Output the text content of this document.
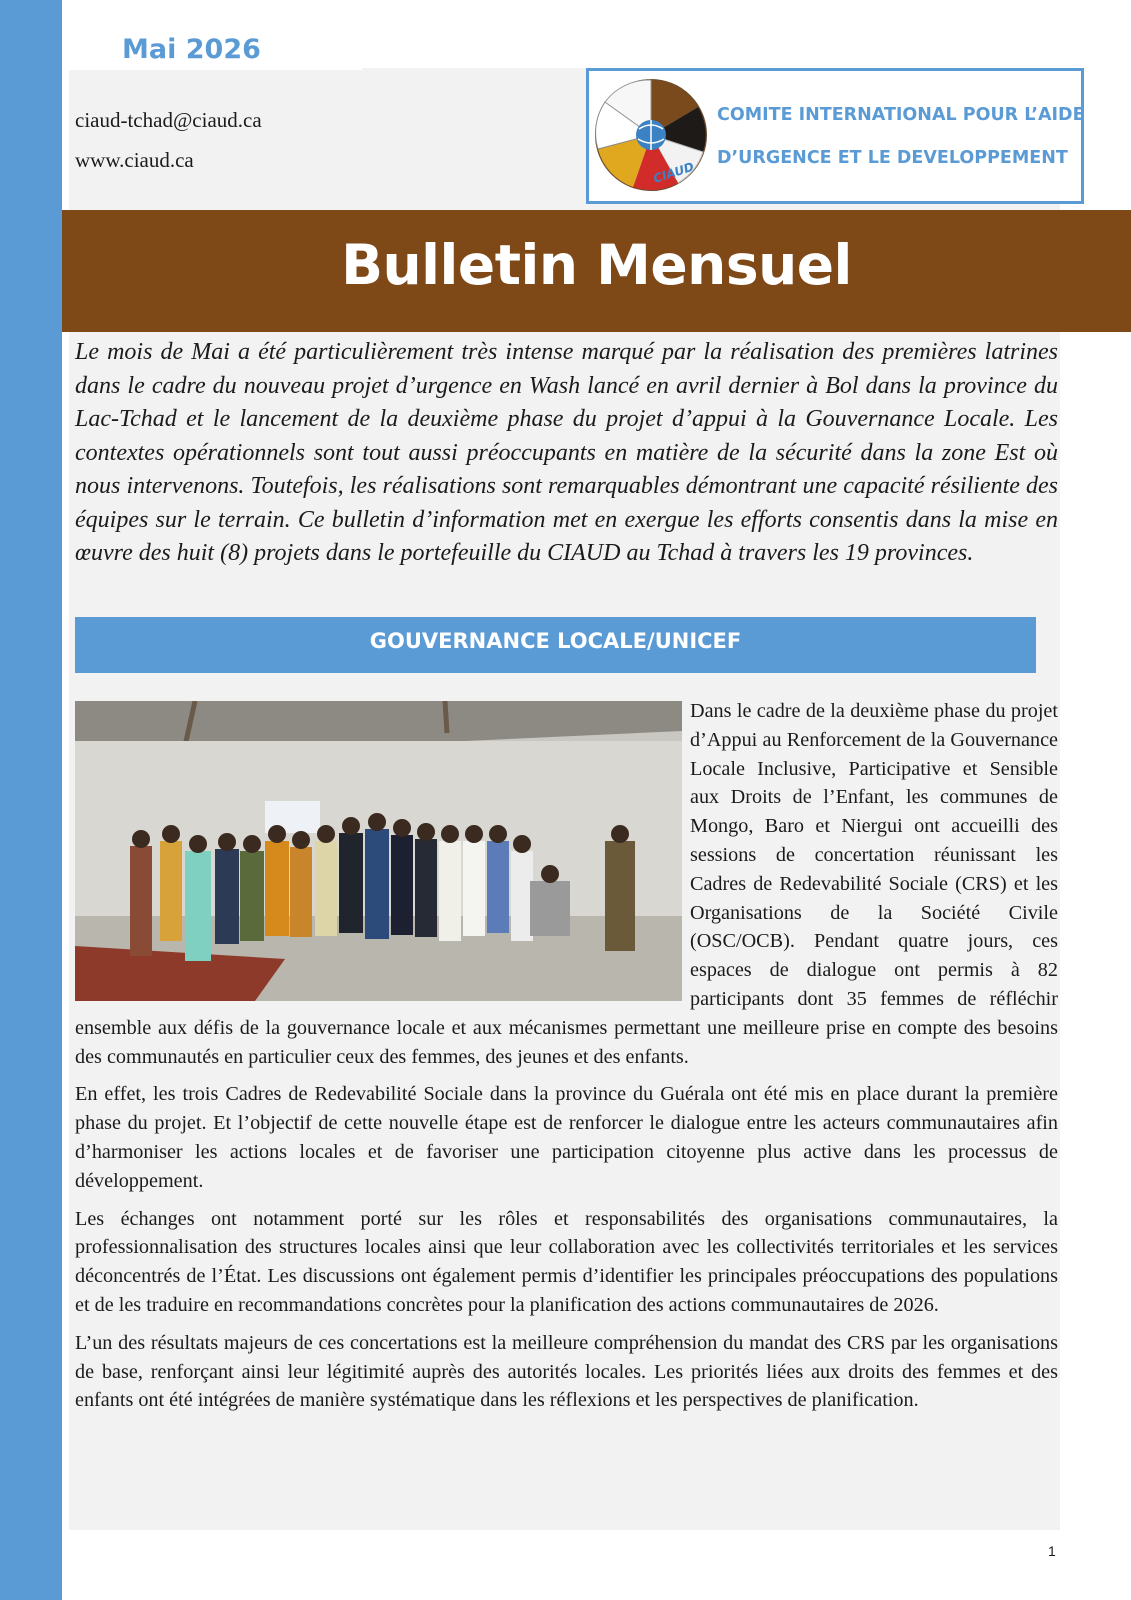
Mai 2026
ciaud-tchad@ciaud.ca
www.ciaud.ca	CIAUD
COMITE INTERNATIONAL POUR L’AIDE
D’URGENCE ET LE DEVELOPPEMENT
Bulletin Mensuel

Le mois de Mai a été particulièrement très intense marqué par la réalisation des premières latrines dans le cadre du nouveau projet d’urgence en Wash lancé en avril dernier à Bol dans la province du Lac-Tchad et le lancement de la deuxième phase du projet d’appui à la Gouvernance Locale. Les contextes opérationnels sont tout aussi préoccupants en matière de la sécurité dans la zone Est où nous intervenons. Toutefois, les réalisations sont remarquables démontrant une capacité résiliente des équipes sur le terrain. Ce bulletin d’information met en exergue les efforts consentis dans la mise en œuvre des huit (8) projets dans le portefeuille du CIAUD au Tchad à travers les 19 provinces.

GOUVERNANCE LOCALE/UNICEF

Dans le cadre de la deuxième phase du projet d’Appui au Renforcement de la Gouvernance Locale Inclusive, Participative et Sensible aux Droits de l’Enfant, les communes de Mongo, Baro et Niergui ont accueilli des sessions de concertation réunissant les Cadres de Redevabilité Sociale (CRS) et les Organisations de la Société Civile (OSC/OCB). Pendant quatre jours, ces espaces de dialogue ont permis à 82 participants dont 35 femmes de réfléchir ensemble aux défis de la gouvernance locale et aux mécanismes permettant une meilleure prise en compte des besoins des communautés en particulier ceux des femmes, des jeunes et des enfants.

En effet, les trois Cadres de Redevabilité Sociale dans la province du Guérala ont été mis en place durant la première phase du projet. Et l’objectif de cette nouvelle étape est de renforcer le dialogue entre les acteurs communautaires afin d’harmoniser les actions locales et de favoriser une participation citoyenne plus active dans les processus de développement.

Les échanges ont notamment porté sur les rôles et responsabilités des organisations communautaires, la professionnalisation des structures locales ainsi que leur collaboration avec les collectivités territoriales et les services déconcentrés de l’État. Les discussions ont également permis d’identifier les principales préoccupations des populations et de les traduire en recommandations concrètes pour la planification des actions communautaires de 2026.

L’un des résultats majeurs de ces concertations est la meilleure compréhension du mandat des CRS par les organisations de base, renforçant ainsi leur légitimité auprès des autorités locales. Les priorités liées aux droits des femmes et des enfants ont été intégrées de manière systématique dans les réflexions et les perspectives de planification.

1
